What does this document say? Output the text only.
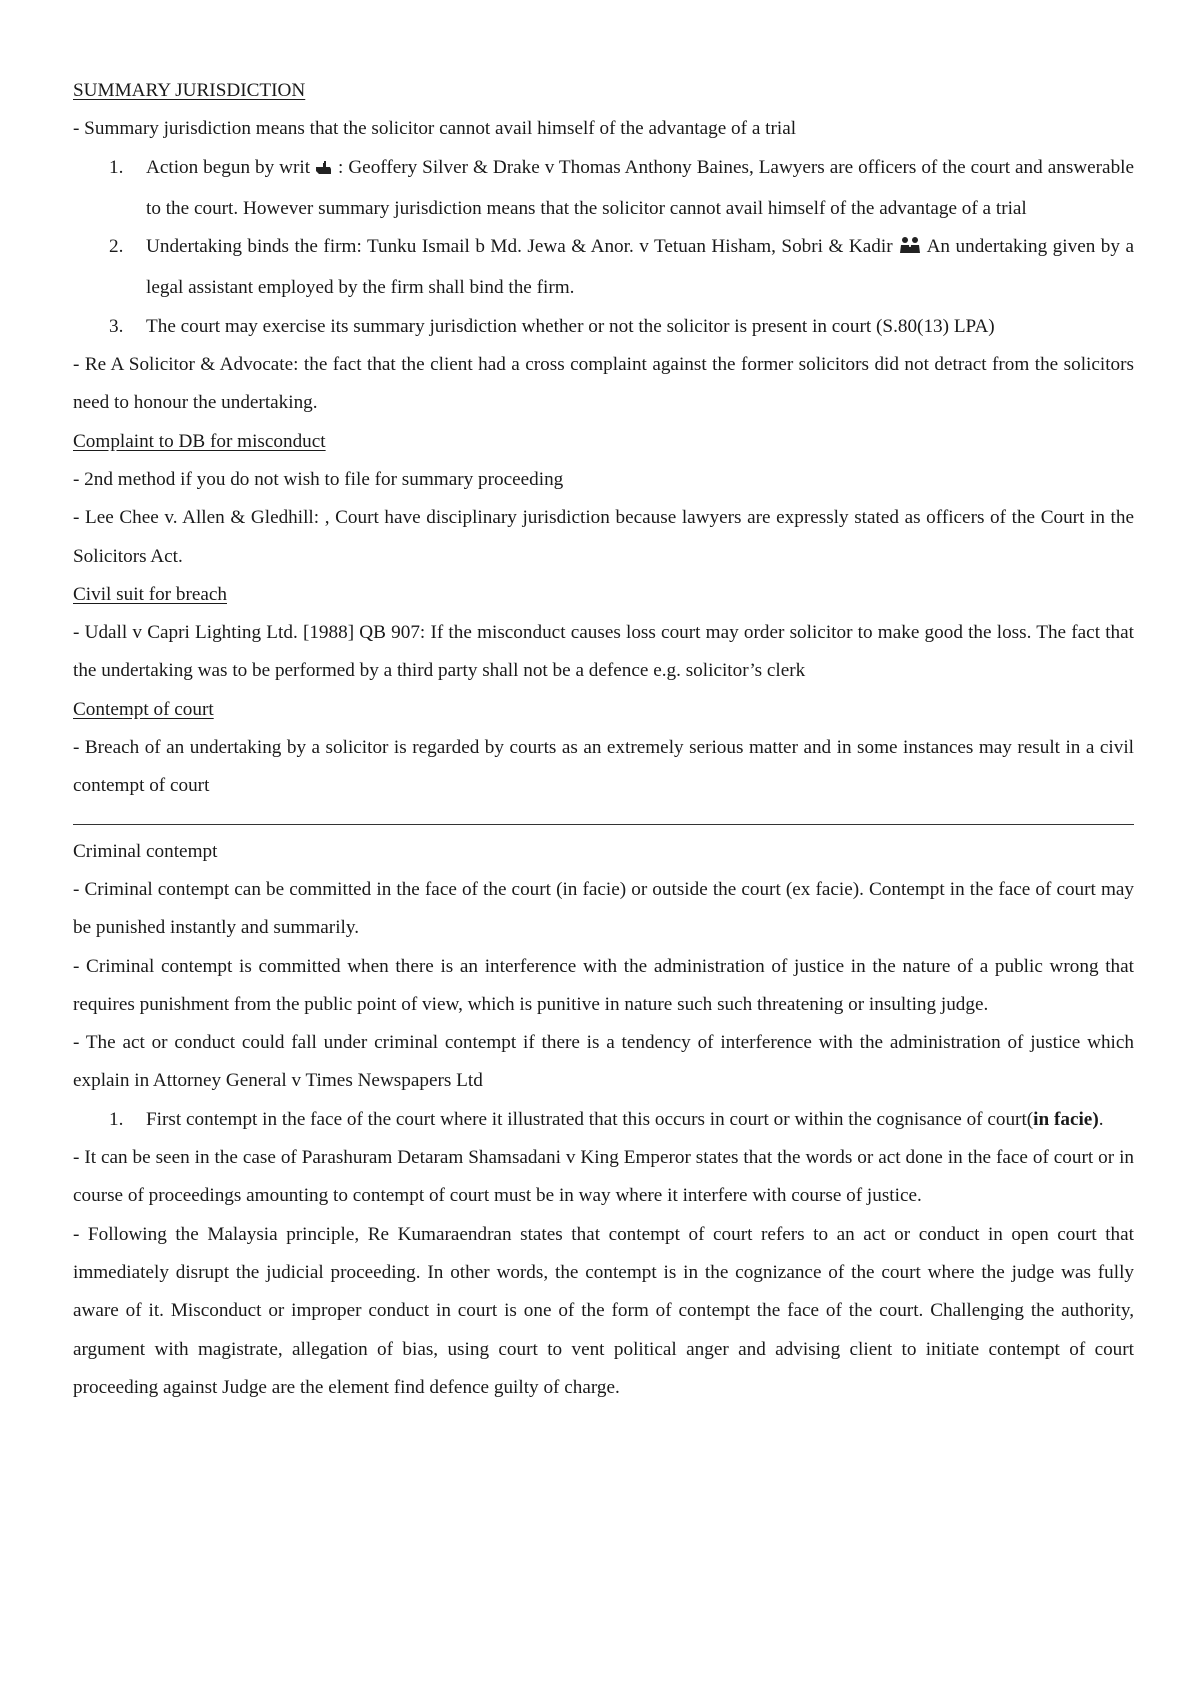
SUMMARY JURISDICTION

- Summary jurisdiction means that the solicitor cannot avail himself of the advantage of a trial

1. Action begun by writ : Geoffery Silver & Drake v Thomas Anthony Baines, Lawyers are officers of the court and answerable to the court. However summary jurisdiction means that the solicitor cannot avail himself of the advantage of a trial
2. Undertaking binds the firm: Tunku Ismail b Md. Jewa & Anor. v Tetuan Hisham, Sobri & Kadir  An undertaking given by a legal assistant employed by the firm shall bind the firm.
3. The court may exercise its summary jurisdiction whether or not the solicitor is present in court (S.80(13) LPA)

- Re A Solicitor & Advocate: the fact that the client had a cross complaint against the former solicitors did not detract from the solicitors need to honour the undertaking.

Complaint to DB for misconduct

- 2nd method if you do not wish to file for summary proceeding

- Lee Chee v. Allen & Gledhill: , Court have disciplinary jurisdiction because lawyers are expressly stated as officers of the Court in the Solicitors Act.

Civil suit for breach

- Udall v Capri Lighting Ltd. [1988] QB 907: If the misconduct causes loss court may order solicitor to make good the loss. The fact that the undertaking was to be performed by a third party shall not be a defence e.g. solicitor’s clerk

Contempt of court

- Breach of an undertaking by a solicitor is regarded by courts as an extremely serious matter and in some instances may result in a civil contempt of court

Criminal contempt

- Criminal contempt can be committed in the face of the court (in facie) or outside the court (ex facie). Contempt in the face of court may be punished instantly and summarily.

- Criminal contempt is committed when there is an interference with the administration of justice in the nature of a public wrong that requires punishment from the public point of view, which is punitive in nature such such threatening or insulting judge.

- The act or conduct could fall under criminal contempt if there is a tendency of interference with the administration of justice which explain in Attorney General v Times Newspapers Ltd

1. First contempt in the face of the court where it illustrated that this occurs in court or within the cognisance of court(in facie).

- It can be seen in the case of Parashuram Detaram Shamsadani v King Emperor states that the words or act done in the face of court or in course of proceedings amounting to contempt of court must be in way where it interfere with course of justice.

- Following the Malaysia principle, Re Kumaraendran states that contempt of court refers to an act or conduct in open court that immediately disrupt the judicial proceeding. In other words, the contempt is in the cognizance of the court where the judge was fully aware of it. Misconduct or improper conduct in court is one of the form of contempt the face of the court. Challenging the authority, argument with magistrate, allegation of bias, using court to vent political anger and advising client to initiate contempt of court proceeding against Judge are the element find defence guilty of charge.
